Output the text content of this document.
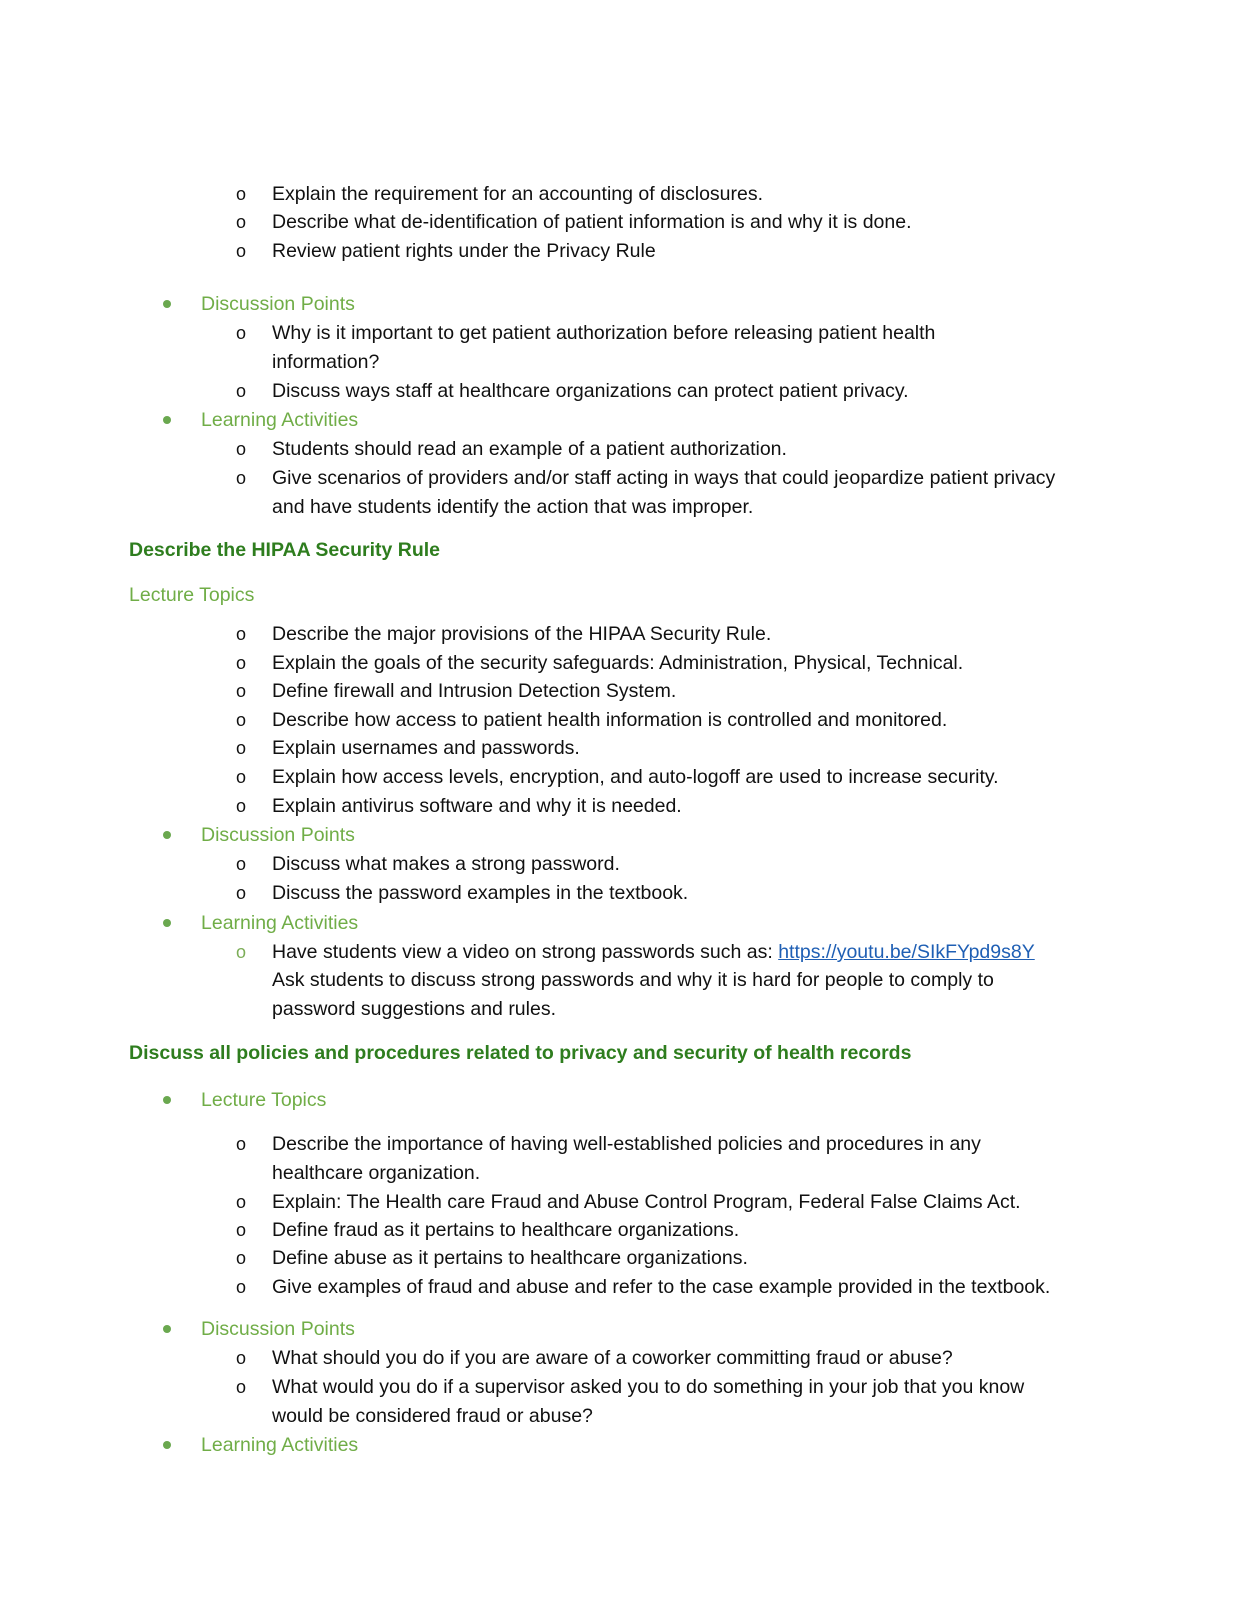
o Explain the requirement for an accounting of disclosures.
o Describe what de-identification of patient information is and why it is done.
o Review patient rights under the Privacy Rule
Discussion Points
o Why is it important to get patient authorization before releasing patient health
information?
o Discuss ways staff at healthcare organizations can protect patient privacy.
Learning Activities
o Students should read an example of a patient authorization.
o Give scenarios of providers and/or staff acting in ways that could jeopardize patient privacy
and have students identify the action that was improper.
Describe the HIPAA Security Rule
Lecture Topics
o Describe the major provisions of the HIPAA Security Rule.
o Explain the goals of the security safeguards: Administration, Physical, Technical.
o Define firewall and Intrusion Detection System.
o Describe how access to patient health information is controlled and monitored.
o Explain usernames and passwords.
o Explain how access levels, encryption, and auto-logoff are used to increase security.
o Explain antivirus software and why it is needed.
Discussion Points
o Discuss what makes a strong password.
o Discuss the password examples in the textbook.
Learning Activities
o Have students view a video on strong passwords such as: https://youtu.be/SIkFYpd9s8Y
Ask students to discuss strong passwords and why it is hard for people to comply to
password suggestions and rules.
Discuss all policies and procedures related to privacy and security of health records
Lecture Topics
o Describe the importance of having well-established policies and procedures in any
healthcare organization.
o Explain: The Health care Fraud and Abuse Control Program, Federal False Claims Act.
o Define fraud as it pertains to healthcare organizations.
o Define abuse as it pertains to healthcare organizations.
o Give examples of fraud and abuse and refer to the case example provided in the textbook.
Discussion Points
o What should you do if you are aware of a coworker committing fraud or abuse?
o What would you do if a supervisor asked you to do something in your job that you know
would be considered fraud or abuse?
Learning Activities
